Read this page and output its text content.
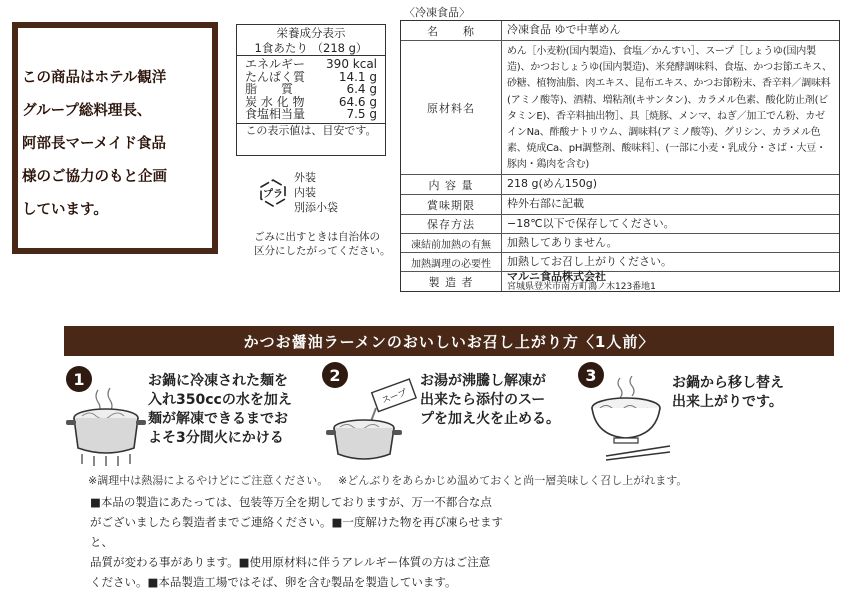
この商品はホテル観洋
グループ総料理長、
阿部長マーメイド食品
様のご協力のもと企画
しています。
栄養成分表示
1食あたり （218 g）
エネルギー 390 kcal
たんぱく質	14.1 g
脂　　質	6.4 g
炭 水 化 物	64.6 g
食塩相当量	7.5 g
この表示値は、目安です。
プラ
外装
内装
別添小袋
ごみに出すときは自治体の
区分にしたがってください。
〈冷凍食品〉
名　　称	冷凍食品 ゆで中華めん
原材料名
めん［小麦粉(国内製造)、食塩／かんすい］、スープ［しょうゆ(国内製造)、かつおしょうゆ(国内製造)、米発酵調味料、食塩、かつお節エキス、砂糖、植物油脂、肉エキス、昆布エキス、かつお節粉末、香辛料／調味料(アミノ酸等)、酒精、増粘剤(キサンタン)、カラメル色素、酸化防止剤(ビタミンE)、香辛料抽出物］、具［焼豚、メンマ、ねぎ／加工でん粉、カゼインNa、酢酸ナトリウム、調味料(アミノ酸等)、グリシン、カラメル色素、焼成Ca、pH調整剤、酸味料］、(一部に小麦・乳成分・さば・大豆・豚肉・鶏肉を含む)
内 容 量	218 g(めん150g)
賞味期限	枠外右部に記載
保存方法	−18℃以下で保存してください。
凍結前加熱の有無	加熱してありません。
加熱調理の必要性	加熱してお召し上がりください。
製 造 者	マルニ食品株式会社
宮城県登米市南方町鴻ノ木123番地1
かつお醤油ラーメンのおいしいお召し上がり方〈1人前〉
1	お鍋に冷凍された麺を
入れ350ccの水を加え
麺が解凍できるまでお
よそ3分間火にかける
2
スープ
お湯が沸騰し解凍が
出来たら添付のスー
プを加え火を止める。
3	お鍋から移し替え
出来上がりです。
※調理中は熱湯によるやけどにご注意ください。 ※どんぶりをあらかじめ温めておくと尚一層美味しく召し上がれます。
■本品の製造にあたっては、包装等万全を期しておりますが、万一不都合な点
がございましたら製造者までご連絡ください。■一度解けた物を再び凍らせますと、
品質が変わる事があります。■使用原材料に伴うアレルギー体質の方はご注意
ください。■本品製造工場ではそば、卵を含む製品を製造しています。
